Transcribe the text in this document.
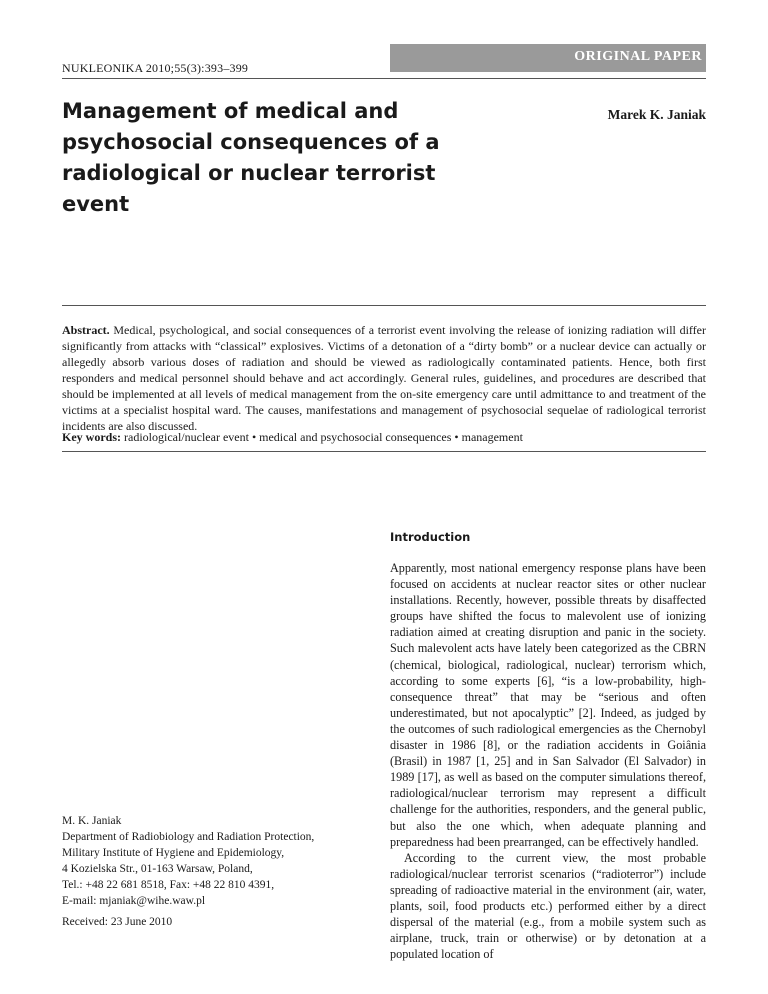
NUKLEONIKA 2010;55(3):393–399
ORIGINAL PAPER
Management of medical and psychosocial consequences of a radiological or nuclear terrorist event
Marek K. Janiak

Abstract. Medical, psychological, and social consequences of a terrorist event involving the release of ionizing radiation will differ significantly from attacks with “classical” explosives. Victims of a detonation of a “dirty bomb” or a nuclear device can actually or allegedly absorb various doses of radiation and should be viewed as radiologically contaminated patients. Hence, both first responders and medical personnel should behave and act accordingly. General rules, guidelines, and procedures are described that should be implemented at all levels of medical management from the on-site emergency care until admittance to and treatment of the victims at a specialist hospital ward. The causes, manifestations and management of psychosocial sequelae of radiological terrorist incidents are also discussed.

Key words: radiological/nuclear event • medical and psychosocial consequences • management
Introduction

Apparently, most national emergency response plans have been focused on accidents at nuclear reactor sites or other nuclear installations. Recently, however, possible threats by disaffected groups have shifted the focus to malevolent use of ionizing radiation aimed at creating disruption and panic in the society. Such malevolent acts have lately been categorized as the CBRN (chemical, biological, radiological, nuclear) terrorism which, according to some experts [6], “is a low-probability, high-consequence threat” that may be “serious and often underestimated, but not apocalyptic” [2]. Indeed, as judged by the outcomes of such radiological emergencies as the Chernobyl disaster in 1986 [8], or the radiation accidents in Goiânia (Brasil) in 1987 [1, 25] and in San Salvador (El Salvador) in 1989 [17], as well as based on the computer simulations thereof, radiological/nuclear terrorism may represent a difficult challenge for the authorities, responders, and the general public, but also the one which, when adequate planning and preparedness had been prearranged, can be effectively handled.

According to the current view, the most probable radiological/nuclear terrorist scenarios (“radioterror”) include spreading of radioactive material in the environment (air, water, plants, soil, food products etc.) performed either by a direct dispersal of the material (e.g., from a mobile system such as airplane, truck, train or otherwise) or by detonation at a populated location of

M. K. Janiak
Department of Radiobiology and Radiation Protection,
Military Institute of Hygiene and Epidemiology,
4 Kozielska Str., 01-163 Warsaw, Poland,
Tel.: +48 22 681 8518, Fax: +48 22 810 4391,
E-mail: mjaniak@wihe.waw.pl
Received: 23 June 2010
